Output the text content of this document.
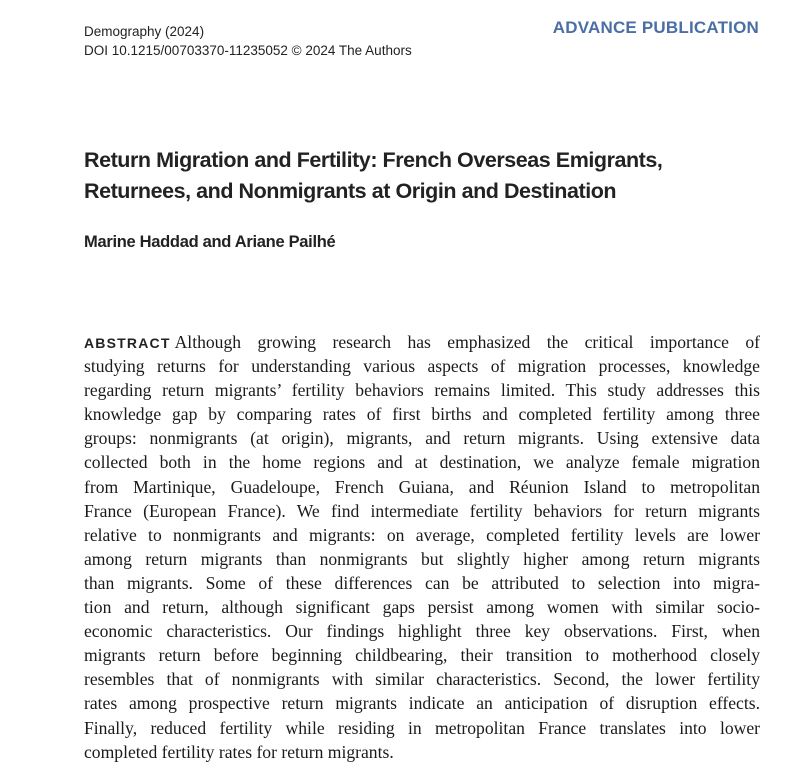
Demography (2024)
DOI 10.1215/00703370-11235052 © 2024 The Authors
ADVANCE PUBLICATION
Return Migration and Fertility: French Overseas Emigrants,
Returnees, and Nonmigrants at Origin and Destination
Marine Haddad and Ariane Pailhé
ABSTRACT Although growing research has emphasized the critical importance of
studying returns for understanding various aspects of migration processes, knowledge
regarding return migrants’ fertility behaviors remains limited. This study addresses this
knowledge gap by comparing rates of first births and completed fertility among three
groups: nonmigrants (at origin), migrants, and return migrants. Using extensive data
collected both in the home regions and at destination, we analyze female migration
from Martinique, Guadeloupe, French Guiana, and Réunion Island to metropolitan
France (European France). We find intermediate fertility behaviors for return migrants
relative to nonmigrants and migrants: on average, completed fertility levels are lower
among return migrants than nonmigrants but slightly higher among return migrants
than migrants. Some of these differences can be attributed to selection into migra-
tion and return, although significant gaps persist among women with similar socio-
economic characteristics. Our findings highlight three key observations. First, when
migrants return before beginning childbearing, their transition to motherhood closely
resembles that of nonmigrants with similar characteristics. Second, the lower fertility
rates among prospective return migrants indicate an anticipation of disruption effects.
Finally, reduced fertility while residing in metropolitan France translates into lower
completed fertility rates for return migrants.
